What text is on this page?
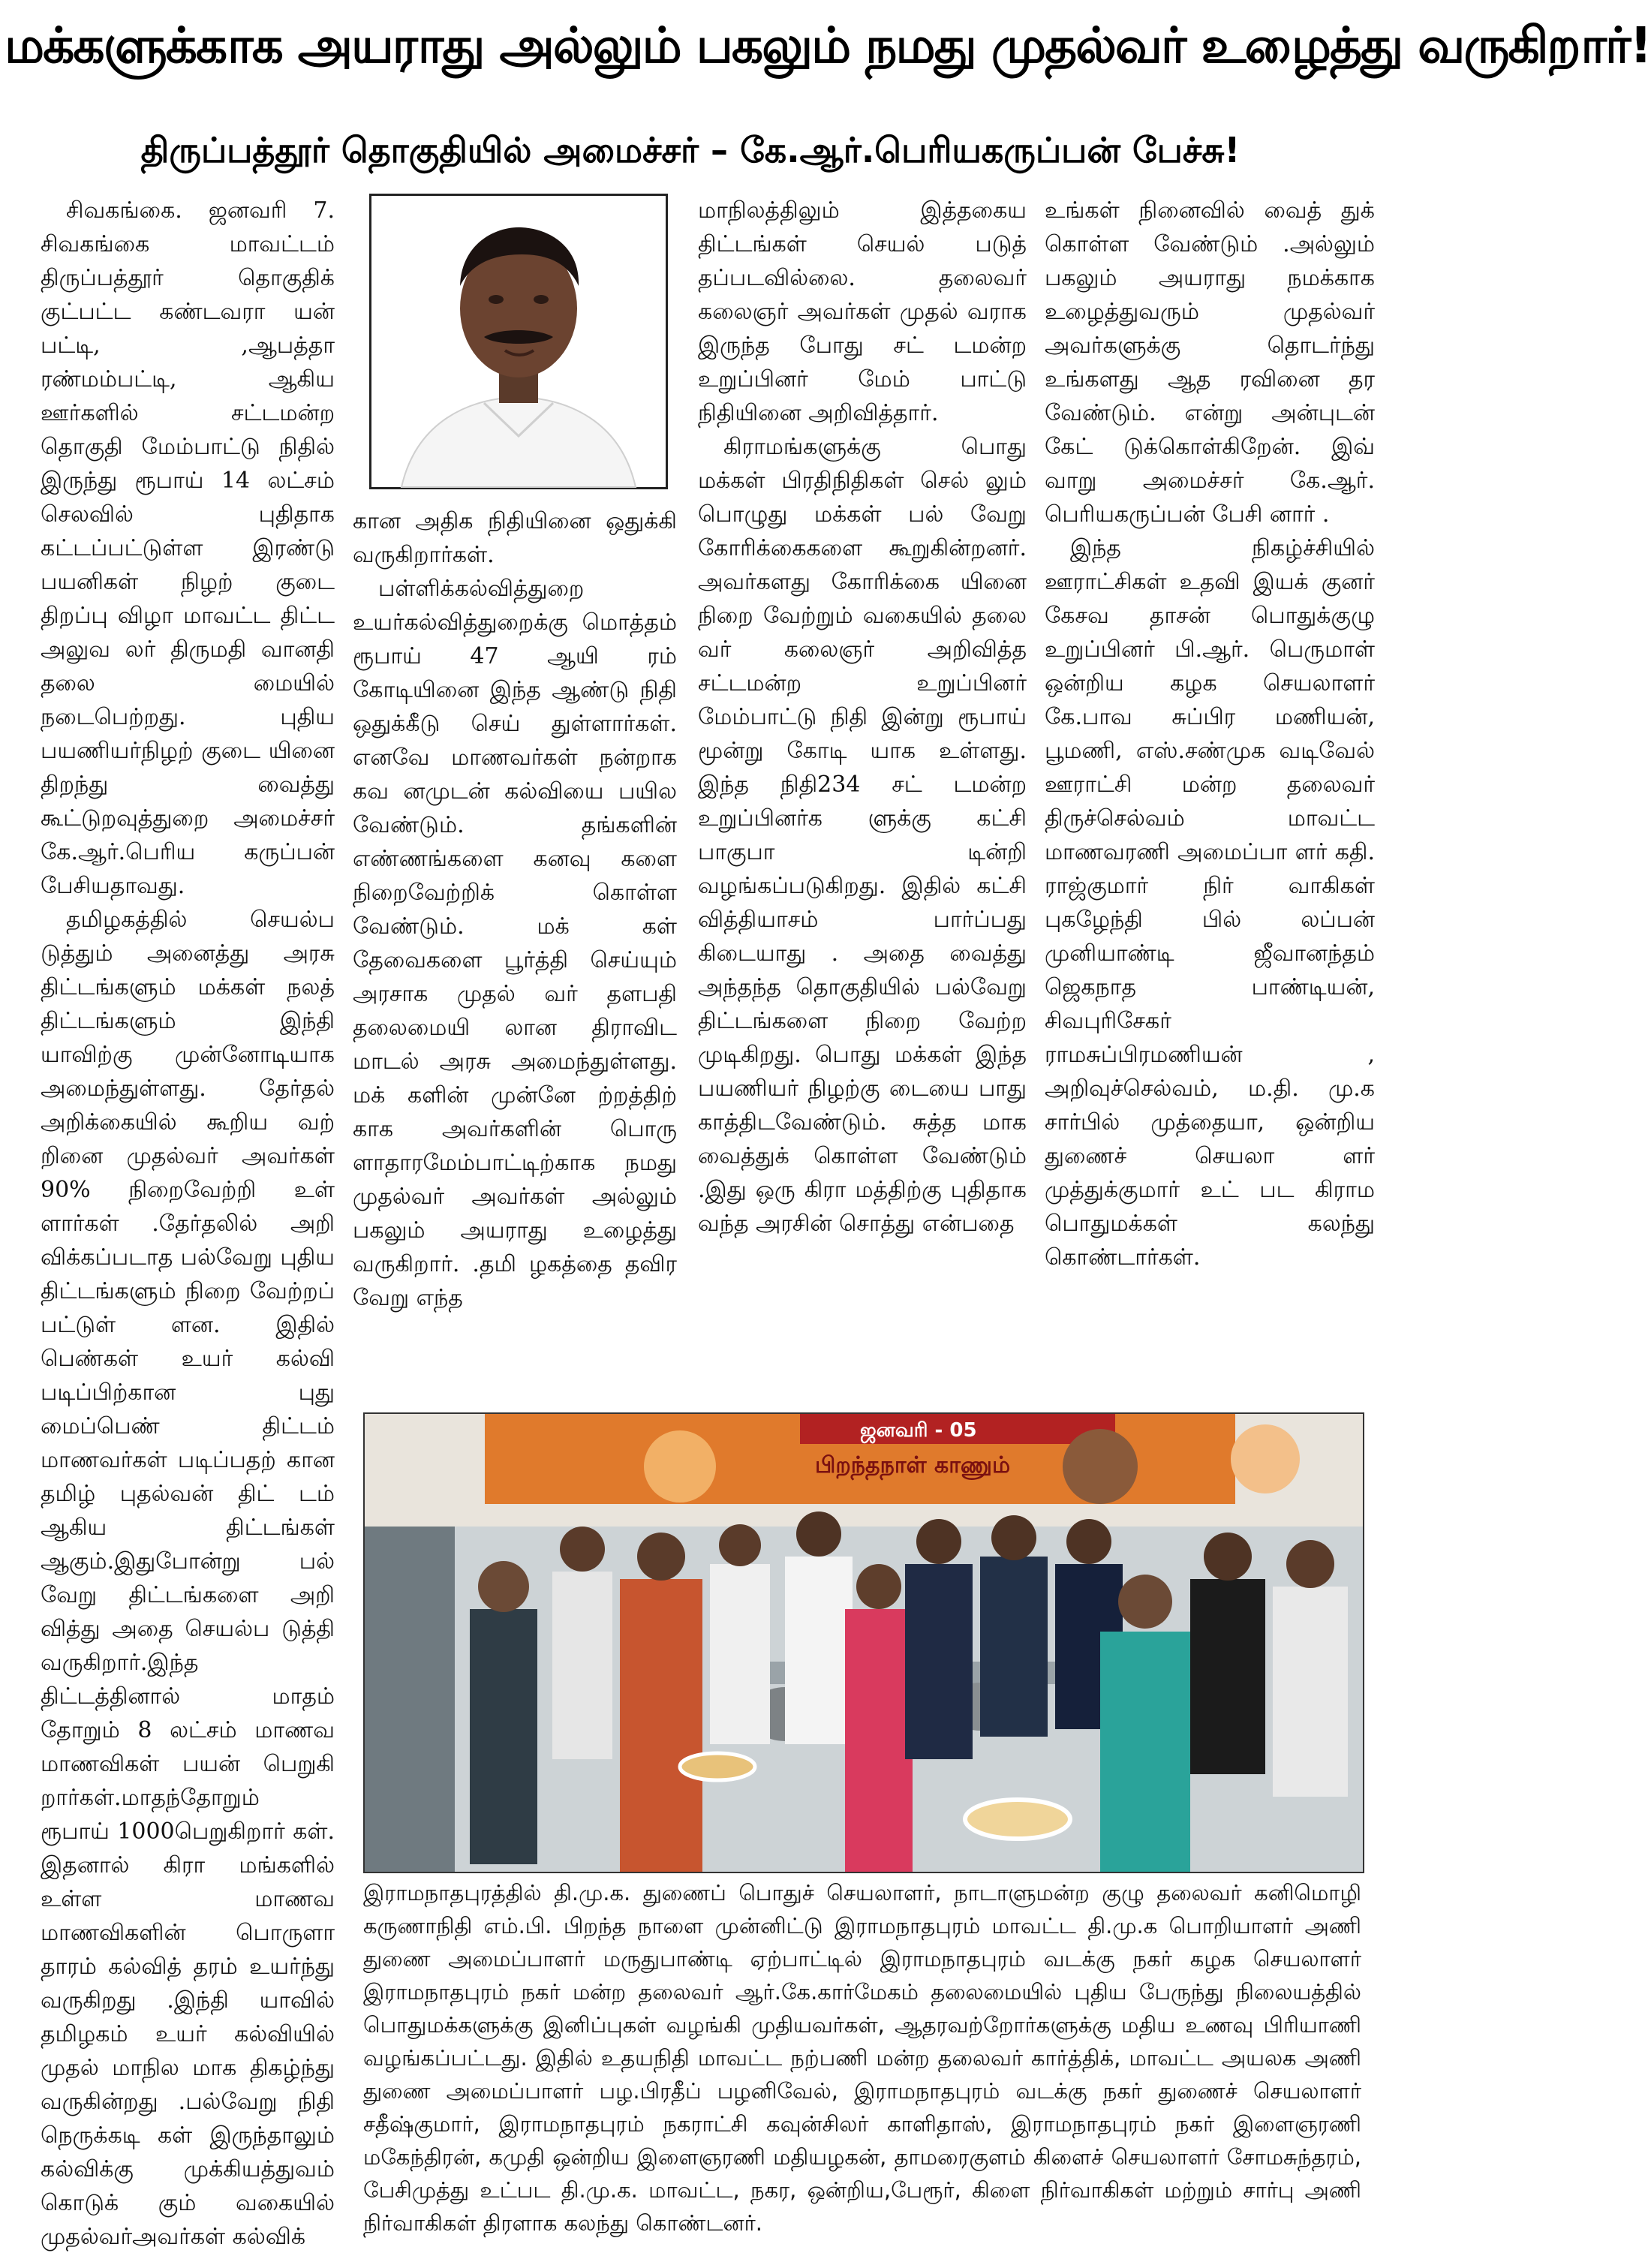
மக்களுக்காக அயராது அல்லும் பகலும் நமது முதல்வர் உழைத்து வருகிறார்!
திருப்பத்தூர் தொகுதியில் அமைச்சர் – கே.ஆர்.பெரியகருப்பன் பேச்சு!

சிவகங்கை. ஜனவரி 7. சிவகங்கை மாவட்டம் திருப்பத்தூர் தொகுதிக் குட்பட்ட கண்டவரா யன் பட்டி, ,ஆபத்தா ரண்மம்பட்டி, ஆகிய ஊர்களில் சட்டமன்ற தொகுதி மேம்பாட்டு நிதில் இருந்து ரூபாய் 14 லட்சம் செலவில் புதிதாக கட்டப்பட்டுள்ள இரண்டு பயனிகள் நிழற் குடை திறப்பு விழா மாவட்ட திட்ட அலுவ லர் திருமதி வானதி தலை மையில் நடைபெற்றது. புதிய பயணியர்நிழற் குடை யினை திறந்து வைத்து கூட்டுறவுத்துறை அமைச்சர் கே.ஆர்.பெரிய கருப்பன் பேசியதாவது.

தமிழகத்தில் செயல்ப டுத்தும் அனைத்து அரசு திட்டங்களும் மக்கள் நலத் திட்டங்களும் இந்தி யாவிற்கு முன்னோடியாக அமைந்துள்ளது. தேர்தல் அறிக்கையில் கூறிய வற் றினை முதல்வர் அவர்கள் 90% நிறைவேற்றி உள் ளார்கள் .தேர்தலில் அறி விக்கப்படாத பல்வேறு புதிய திட்டங்களும் நிறை வேற்றப் பட்டுள் ளன. இதில் பெண்கள் உயர் கல்வி படிப்பிற்கான புது மைப்பெண் திட்டம் மாணவர்கள் படிப்பதற் கான தமிழ் புதல்வன் திட் டம் ஆகிய திட்டங்கள் ஆகும்.இதுபோன்று பல் வேறு திட்டங்களை அறி வித்து அதை செயல்ப டுத்தி வருகிறார்.இந்த திட்டத்தினால் மாதம் தோறும் 8 லட்சம் மாணவ மாணவிகள் பயன் பெறுகி றார்கள்.மாதந்தோறும் ரூபாய் 1000பெறுகிறார் கள். இதனால் கிரா மங்களில் உள்ள மாணவ மாணவிகளின் பொருளா தாரம் கல்வித் தரம் உயர்ந்து வருகிறது .இந்தி யாவில் தமிழகம் உயர் கல்வியில் முதல் மாநில மாக திகழ்ந்து வருகின்றது .பல்வேறு நிதி நெருக்கடி கள் இருந்தாலும் கல்விக்கு முக்கியத்துவம் கொடுக் கும் வகையில் முதல்வர்அவர்கள் கல்விக்

கான அதிக நிதியினை ஒதுக்கி வருகிறார்கள்.

பள்ளிக்கல்வித்துறை உயர்கல்வித்துறைக்கு மொத்தம் ரூபாய் 47 ஆயி ரம் கோடியினை இந்த ஆண்டு நிதி ஒதுக்கீடு செய் துள்ளார்கள். எனவே மாணவர்கள் நன்றாக கவ னமுடன் கல்வியை பயில வேண்டும். தங்களின் எண்ணங்களை கனவு களை நிறைவேற்றிக் கொள்ள வேண்டும். மக் கள் தேவைகளை பூர்த்தி செய்யும் அரசாக முதல் வர் தளபதி தலைமையி லான திராவிட மாடல் அரசு அமைந்துள்ளது. மக் களின் முன்னே ற்றத்திற் காக அவர்களின் பொரு ளாதாரமேம்பாட்டிற்காக நமது முதல்வர் அவர்கள் அல்லும் பகலும் அயராது உழைத்து வருகிறார். .தமி ழகத்தை தவிர வேறு எந்த

மாநிலத்திலும் இத்தகைய திட்டங்கள் செயல் படுத் தப்படவில்லை. தலைவர் கலைஞர் அவர்கள் முதல் வராக இருந்த போது சட் டமன்ற உறுப்பினர் மேம் பாட்டு நிதியினை அறிவித்தார்.

கிராமங்களுக்கு பொது மக்கள் பிரதிநிதிகள் செல் லும் பொழுது மக்கள் பல் வேறு கோரிக்கைகளை கூறுகின்றனர். அவர்களது கோரிக்கை யினை நிறை வேற்றும் வகையில் தலை வர் கலைஞர் அறிவித்த சட்டமன்ற உறுப்பினர் மேம்பாட்டு நிதி இன்று ரூபாய் மூன்று கோடி யாக உள்ளது. இந்த நிதி234 சட் டமன்ற உறுப்பினர்க ளுக்கு கட்சி பாகுபா டின்றி வழங்கப்படுகிறது. இதில் கட்சி வித்தியாசம் பார்ப்பது கிடையாது . அதை வைத்து அந்தந்த தொகுதியில் பல்வேறு திட்டங்களை நிறை வேற்ற முடிகிறது. பொது மக்கள் இந்த பயணியர் நிழற்கு டையை பாது காத்திடவேண்டும். சுத்த மாக வைத்துக் கொள்ள வேண்டும் .இது ஒரு கிரா மத்திற்கு புதிதாக வந்த அரசின் சொத்து என்பதை

உங்கள் நினைவில் வைத் துக் கொள்ள வேண்டும் .அல்லும் பகலும் அயராது நமக்காக உழைத்துவரும் முதல்வர் அவர்களுக்கு தொடர்ந்து உங்களது ஆத ரவினை தர வேண்டும். என்று அன்புடன் கேட் டுக்கொள்கிறேன். இவ் வாறு அமைச்சர் கே.ஆர். பெரியகருப்பன் பேசி னார் .

இந்த நிகழ்ச்சியில் ஊராட்சிகள் உதவி இயக் குனர் கேசவ தாசன் பொதுக்குழு உறுப்பினர் பி.ஆர். பெருமாள் ஒன்றிய கழக செயலாளர் கே.பாவ சுப்பிர மணியன், பூமணி, எஸ்.சண்முக வடிவேல் ஊராட்சி மன்ற தலைவர் திருச்செல்வம் மாவட்ட மாணவரணி அமைப்பா ளர் கதி. ராஜ்குமார் நிர் வாகிகள் புகழேந்தி பில் லப்பன் முனியாண்டி ஜீவானந்தம் ஜெகநாத பாண்டியன், சிவபுரிசேகர் ராமசுப்பிரமணியன் , அறிவுச்செல்வம், ம.தி. மு.க சார்பில் முத்தையா, ஒன்றிய துணைச் செயலா ளர் முத்துக்குமார் உட் பட கிராம பொதுமக்கள் கலந்து கொண்டார்கள்.

ஜனவரி - 05
பிறந்தநாள் காணும்

இராமநாதபுரத்தில் தி.மு.க. துணைப் பொதுச் செயலாளர், நாடாளுமன்ற குழு தலைவர் கனிமொழி கருணாநிதி எம்.பி. பிறந்த நாளை முன்னிட்டு இராமநாதபுரம் மாவட்ட தி.மு.க பொறியாளர் அணி துணை அமைப்பாளர் மருதுபாண்டி ஏற்பாட்டில் இராமநாதபுரம் வடக்கு நகர் கழக செயலாளர் இராமநாதபுரம் நகர் மன்ற தலைவர் ஆர்.கே.கார்மேகம் தலைமையில் புதிய பேருந்து நிலையத்தில் பொதுமக்களுக்கு இனிப்புகள் வழங்கி முதியவர்கள், ஆதரவற்றோர்களுக்கு மதிய உணவு பிரியாணி வழங்கப்பட்டது. இதில் உதயநிதி மாவட்ட நற்பணி மன்ற தலைவர் கார்த்திக், மாவட்ட அயலக அணி துணை அமைப்பாளர் பழ.பிரதீப் பழனிவேல், இராமநாதபுரம் வடக்கு நகர் துணைச் செயலாளர் சதீஷ்குமார், இராமநாதபுரம் நகராட்சி கவுன்சிலர் காளிதாஸ், இராமநாதபுரம் நகர் இளைஞரணி மகேந்திரன், கமுதி ஒன்றிய இளைஞரணி மதியழகன், தாமரைகுளம் கிளைச் செயலாளர் சோமசுந்தரம், பேசிமுத்து உட்பட தி.மு.க. மாவட்ட, நகர, ஒன்றிய,பேரூர், கிளை நிர்வாகிகள் மற்றும் சார்பு அணி நிர்வாகிகள் திரளாக கலந்து கொண்டனர்.
